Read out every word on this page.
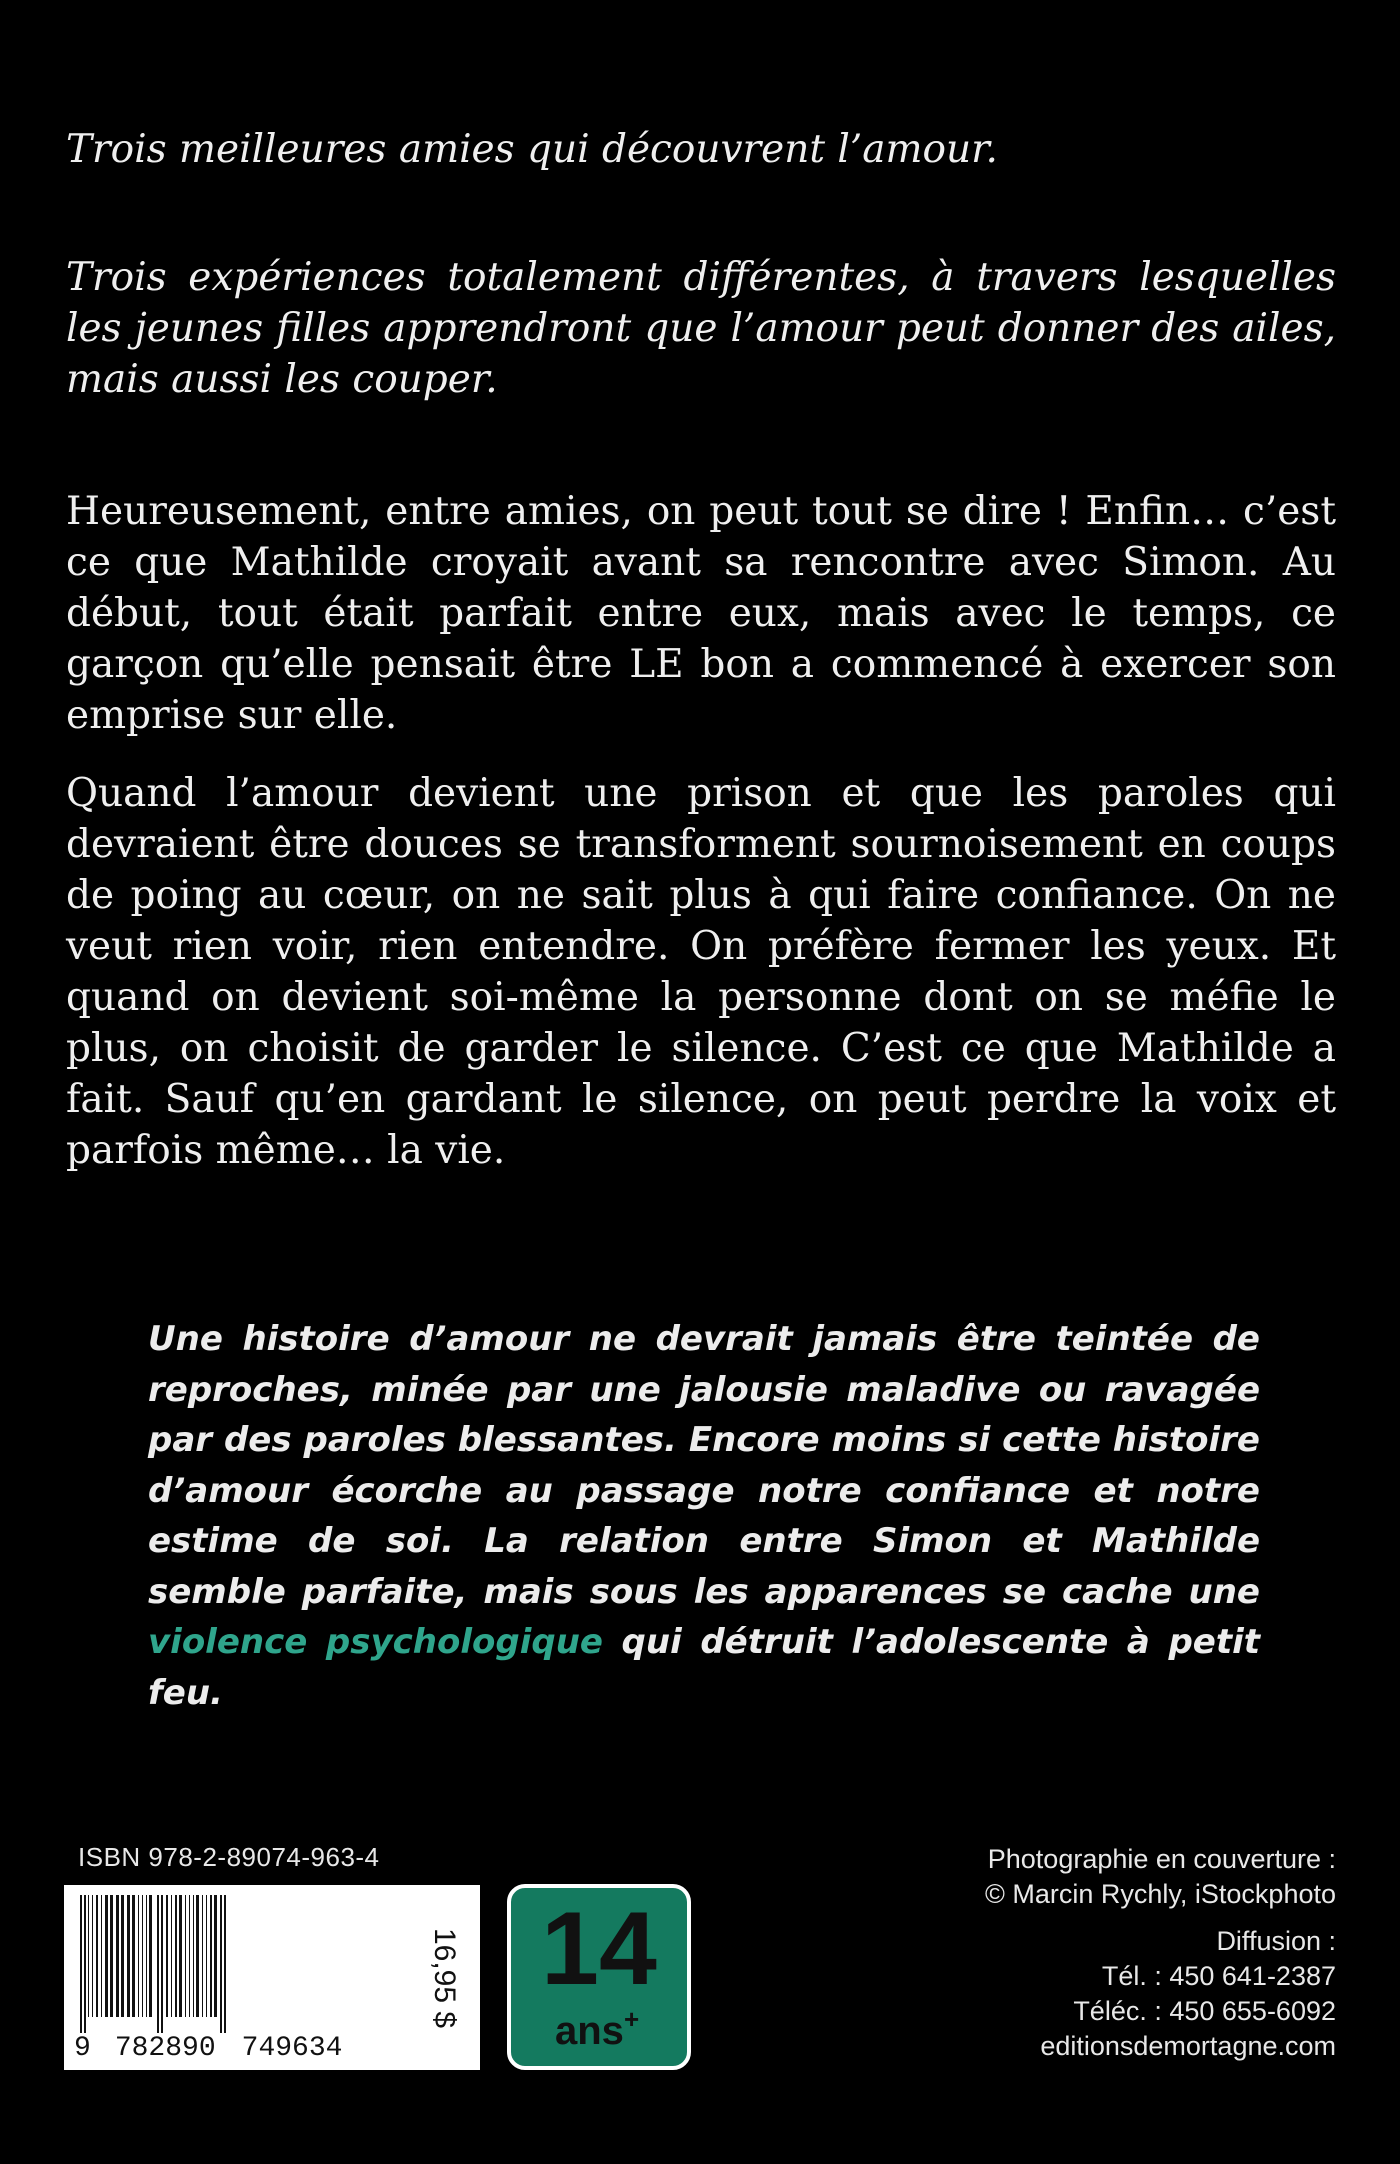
Trois meilleures amies qui découvrent l’amour.

Trois expériences totalement différentes, à travers lesquelles les jeunes filles apprendront que l’amour peut donner des ailes, mais aussi les couper.

Heureusement, entre amies, on peut tout se dire ! Enfin… c’est ce que Mathilde croyait avant sa rencontre avec Simon. Au début, tout était parfait entre eux, mais avec le temps, ce garçon qu’elle pensait être LE bon a commencé à exercer son emprise sur elle.

Quand l’amour devient une prison et que les paroles qui devraient être douces se transforment sournoisement en coups de poing au cœur, on ne sait plus à qui faire confiance. On ne veut rien voir, rien entendre. On préfère fermer les yeux. Et quand on devient soi-même la personne dont on se méfie le plus, on choisit de garder le silence. C’est ce que Mathilde a fait. Sauf qu’en gardant le silence, on peut perdre la voix et parfois même… la vie.

Une histoire d’amour ne devrait jamais être teintée de reproches, minée par une jalousie maladive ou ravagée par des paroles blessantes. Encore moins si cette histoire d’amour écorche au passage notre confiance et notre estime de soi. La relation entre Simon et Mathilde semble parfaite, mais sous les apparences se cache une violence psychologique qui détruit l’adolescente à petit feu.

ISBN 978-2-89074-963-4
9 782890 749634
16,95 $ 14
ans+
Photographie en couverture :
© Marcin Rychly, iStockphoto
Diffusion :
Tél. : 450 641-2387
Téléc. : 450 655-6092
editionsdemortagne.com
